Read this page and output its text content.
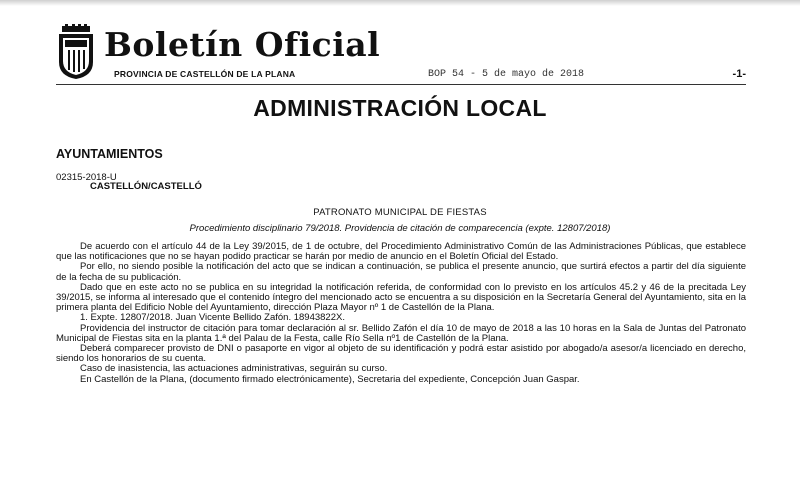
Boletín Oficial
PROVINCIA DE CASTELLÓN DE LA PLANA	BOP 54 - 5 de mayo de 2018	-1-
ADMINISTRACIÓN LOCAL
AYUNTAMIENTOS
02315-2018-U
CASTELLÓN/CASTELLÓ
PATRONATO MUNICIPAL DE FIESTAS
Procedimiento disciplinario 79/2018. Providencia de citación de comparecencia (expte. 12807/2018)

De acuerdo con el artículo 44 de la Ley 39/2015, de 1 de octubre, del Procedimiento Administrativo Común de las Administraciones Públicas, que establece que las notificaciones que no se hayan podido practicar se harán por medio de anuncio en el Boletín Oficial del Estado.

Por ello, no siendo posible la notificación del acto que se indican a continuación, se publica el presente anuncio, que surtirá efectos a partir del día siguiente de la fecha de su publicación.

Dado que en este acto no se publica en su integridad la notificación referida, de conformidad con lo previsto en los artículos 45.2 y 46 de la precitada Ley 39/2015, se informa al interesado que el contenido íntegro del mencionado acto se encuentra a su disposición en la Secretaría General del Ayuntamiento, sita en la primera planta del Edificio Noble del Ayuntamiento, dirección Plaza Mayor nº 1 de Castellón de la Plana.

1. Expte. 12807/2018. Juan Vicente Bellido Zafón. 18943822X.

Providencia del instructor de citación para tomar declaración al sr. Bellido Zafón el día 10 de mayo de 2018 a las 10 horas en la Sala de Juntas del Patronato Municipal de Fiestas sita en la planta 1.ª del Palau de la Festa, calle Río Sella nº1 de Castellón de la Plana.

Deberá comparecer provisto de DNI o pasaporte en vigor al objeto de su identificación y podrá estar asistido por abogado/a asesor/a licenciado en derecho, siendo los honorarios de su cuenta.

Caso de inasistencia, las actuaciones administrativas, seguirán su curso.

En Castellón de la Plana, (documento firmado electrónicamente), Secretaria del expediente, Concepción Juan Gaspar.
